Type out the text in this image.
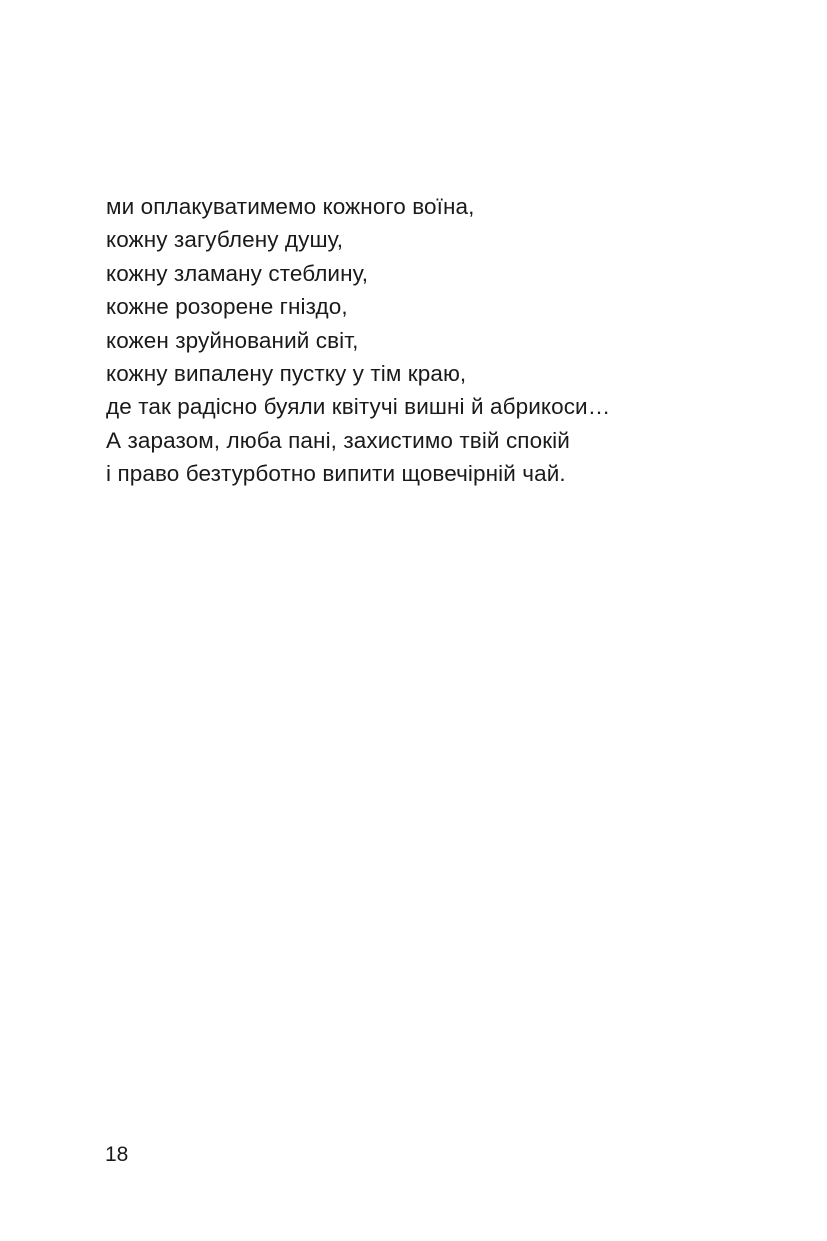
ми оплакуватимемо кожного воїна,
кожну загублену душу,
кожну зламану стеблину,
кожне розорене гніздо,
кожен зруйнований світ,
кожну випалену пустку у тім краю,
де так радісно буяли квітучі вишні й абрикоси…
А заразом, люба пані, захистимо твій спокій
і право безтурботно випити щовечірній чай.
18
